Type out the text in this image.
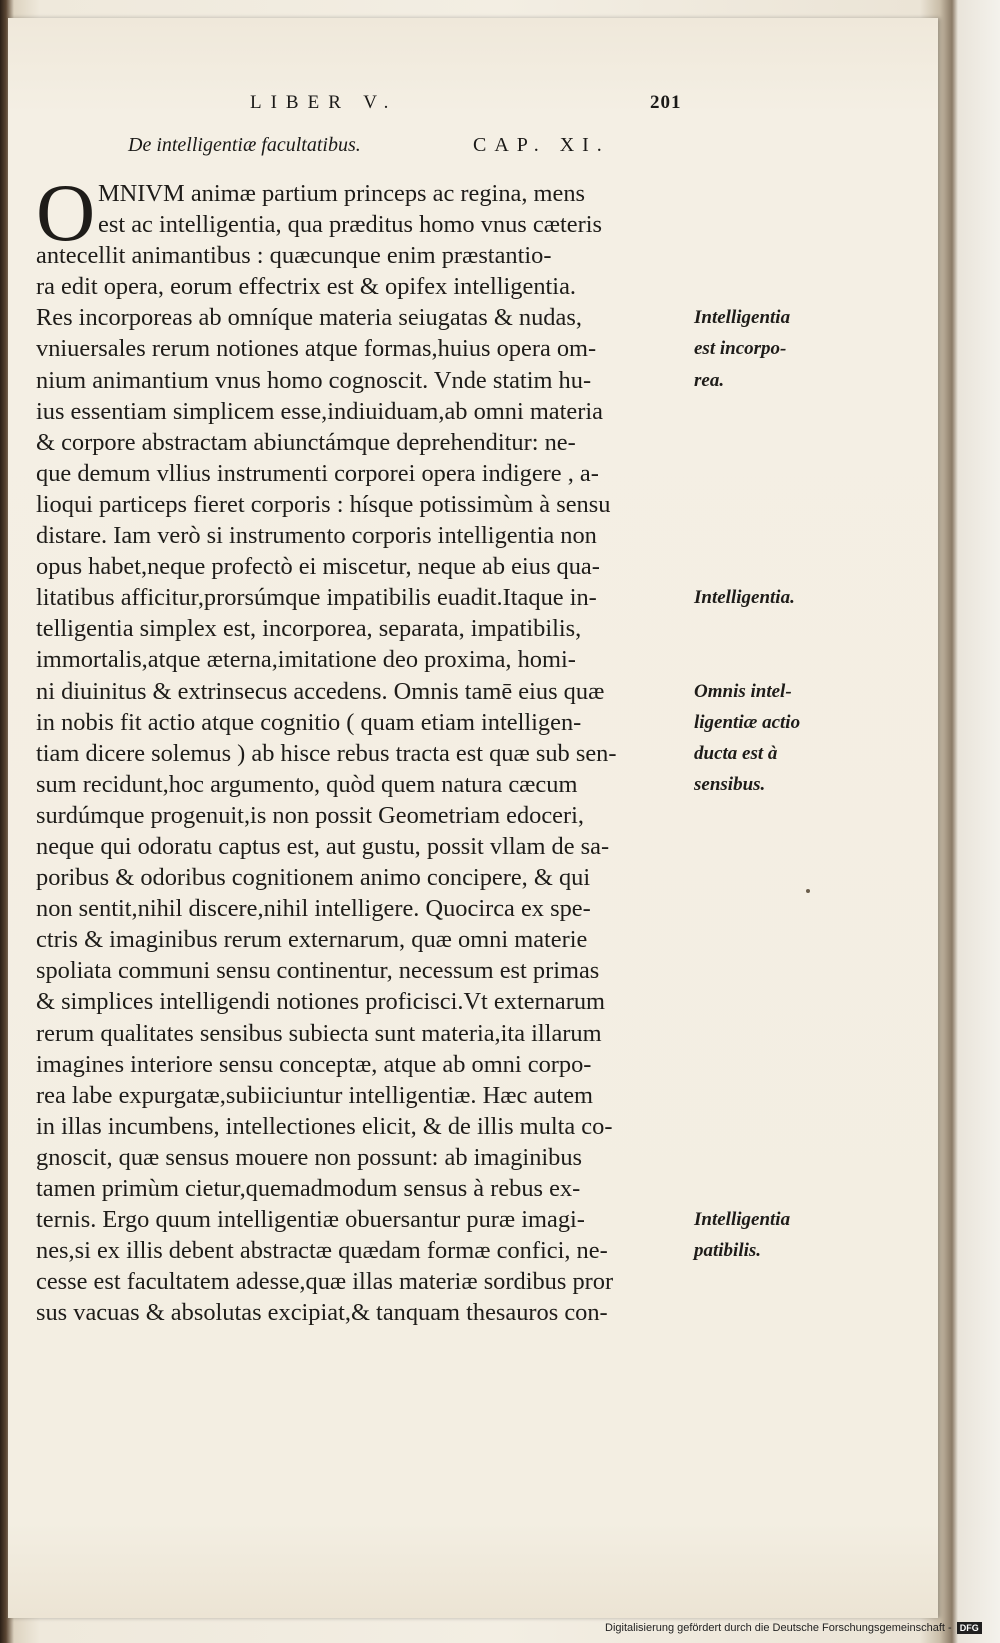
LIBER V.	201
De intelligentiæ facultatibus.	CAP. XI.
O MNIVM animæ partium princeps ac regina, mens
est ac intelligentia, qua præditus homo vnus cæteris
antecellit animantibus : quæcunque enim præstantio-
ra edit opera, eorum effectrix est & opifex intelligentia.
Res incorporeas ab omníque materia seiugatas & nudas,
vniuersales rerum notiones atque formas,huius opera om-
nium animantium vnus homo cognoscit. Vnde statim hu-
ius essentiam simplicem esse,indiuiduam,ab omni materia
& corpore abstractam abiunctámque deprehenditur: ne-
que demum vllius instrumenti corporei opera indigere , a-
lioqui particeps fieret corporis : hísque potissimùm à sensu
distare. Iam verò si instrumento corporis intelligentia non
opus habet,neque profectò ei miscetur, neque ab eius qua-
litatibus afficitur,prorsúmque impatibilis euadit.Itaque in-
telligentia simplex est, incorporea, separata, impatibilis,
immortalis,atque æterna,imitatione deo proxima, homi-
ni diuinitus & extrinsecus accedens. Omnis tamē eius quæ
in nobis fit actio atque cognitio ( quam etiam intelligen-
tiam dicere solemus ) ab hisce rebus tracta est quæ sub sen-
sum recidunt,hoc argumento, quòd quem natura cæcum
surdúmque progenuit,is non possit Geometriam edoceri,
neque qui odoratu captus est, aut gustu, possit vllam de sa-
poribus & odoribus cognitionem animo concipere, & qui
non sentit,nihil discere,nihil intelligere. Quocirca ex spe-
ctris & imaginibus rerum externarum, quæ omni materie
spoliata communi sensu continentur, necessum est primas
& simplices intelligendi notiones proficisci.Vt externarum
rerum qualitates sensibus subiecta sunt materia,ita illarum
imagines interiore sensu conceptæ, atque ab omni corpo-
rea labe expurgatæ,subiiciuntur intelligentiæ. Hæc autem
in illas incumbens, intellectiones elicit, & de illis multa co-
gnoscit, quæ sensus mouere non possunt: ab imaginibus
tamen primùm cietur,quemadmodum sensus à rebus ex-
ternis. Ergo quum intelligentiæ obuersantur puræ imagi-
nes,si ex illis debent abstractæ quædam formæ confici, ne-
cesse est facultatem adesse,quæ illas materiæ sordibus pror
sus vacuas & absolutas excipiat,& tanquam thesauros con-
Intelligentia
est incorpo-
rea.
Intelligentia.
Omnis intel-
ligentiæ actio
ducta est à
sensibus.
Intelligentia
patibilis.
Digitalisierung gefördert durch die Deutsche Forschungsgemeinschaft - DFG
